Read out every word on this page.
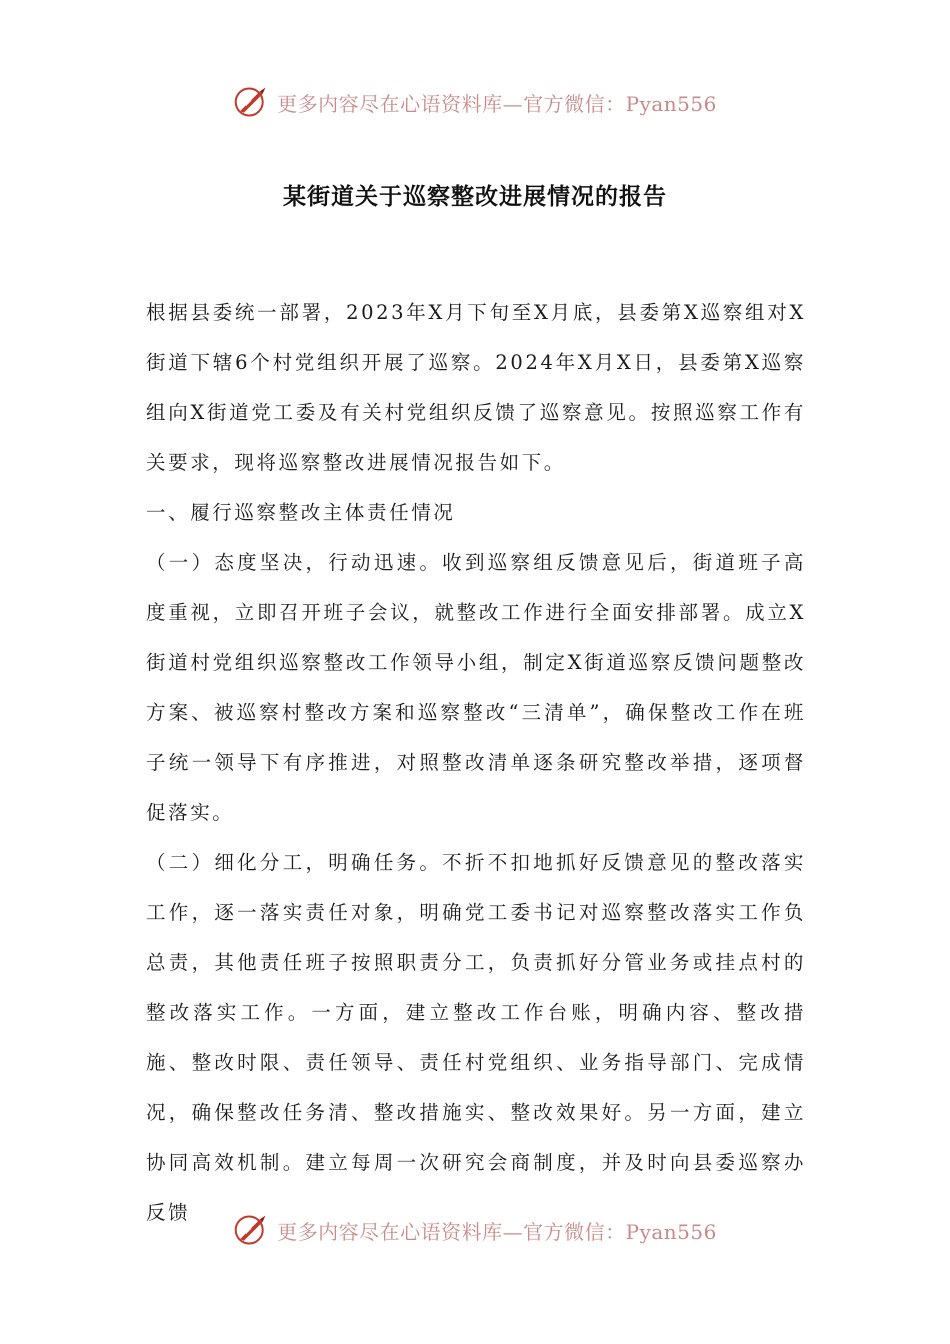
更多内容尽在心语资料库—官方微信：Pyan556
某街道关于巡察整改进展情况的报告

根据县委统一部署，2023年X月下旬至X月底，县委第X巡察组对X街道下辖6个村党组织开展了巡察。2024年X月X日，县委第X巡察组向X街道党工委及有关村党组织反馈了巡察意见。按照巡察工作有关要求，现将巡察整改进展情况报告如下。

一、履行巡察整改主体责任情况

（一）态度坚决，行动迅速。收到巡察组反馈意见后，街道班子高度重视，立即召开班子会议，就整改工作进行全面安排部署。成立X街道村党组织巡察整改工作领导小组，制定X街道巡察反馈问题整改方案、被巡察村整改方案和巡察整改“三清单”，确保整改工作在班子统一领导下有序推进，对照整改清单逐条研究整改举措，逐项督促落实。

（二）细化分工，明确任务。不折不扣地抓好反馈意见的整改落实工作，逐一落实责任对象，明确党工委书记对巡察整改落实工作负总责，其他责任班子按照职责分工，负责抓好分管业务或挂点村的整改落实工作。一方面，建立整改工作台账，明确内容、整改措施、整改时限、责任领导、责任村党组织、业务指导部门、完成情况，确保整改任务清、整改措施实、整改效果好。另一方面，建立协同高效机制。建立每周一次研究会商制度，并及时向县委巡察办反馈

更多内容尽在心语资料库—官方微信：Pyan556
